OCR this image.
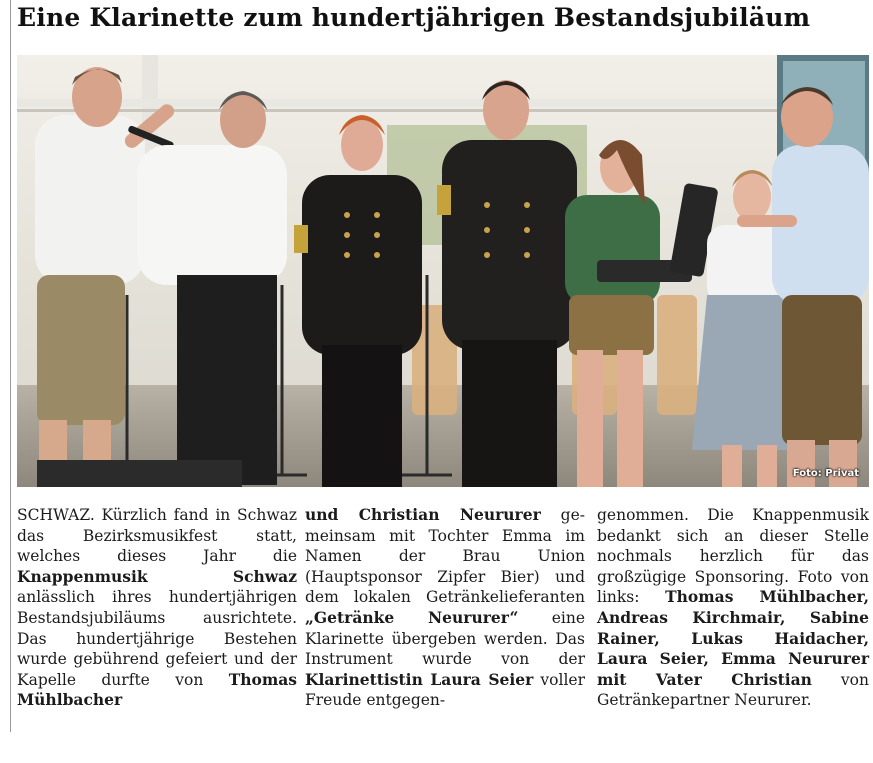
Eine Klarinette zum hundertjährigen Bestandsjubiläum
Foto: Privat

SCHWAZ. Kürzlich fand in Schwaz das Bezirksmusikfest statt, welches dieses Jahr die Knappenmusik Schwaz anlässlich ihres hundertjährigen Bestandsjubiläums ausrichtete. Das hundertjährige Bestehen wurde gebührend gefeiert und der Kapelle durfte von Thomas Mühlbacher

und Christian Neururer gemeinsam mit Tochter Emma im Namen der Brau Union (Hauptsponsor Zipfer Bier) und dem lokalen Getränkelieferanten „Getränke Neururer“ eine Klarinette übergeben werden. Das Instrument wurde von der Klarinettistin Laura Seier voller Freude entgegen-

genommen. Die Knappenmusik bedankt sich an dieser Stelle nochmals herzlich für das großzügige Sponsoring. Foto von links: Thomas Mühlbacher, Andreas Kirchmair, Sabine Rainer, Lukas Haidacher, Laura Seier, Emma Neururer mit Vater Christian von Getränkepartner Neururer.
